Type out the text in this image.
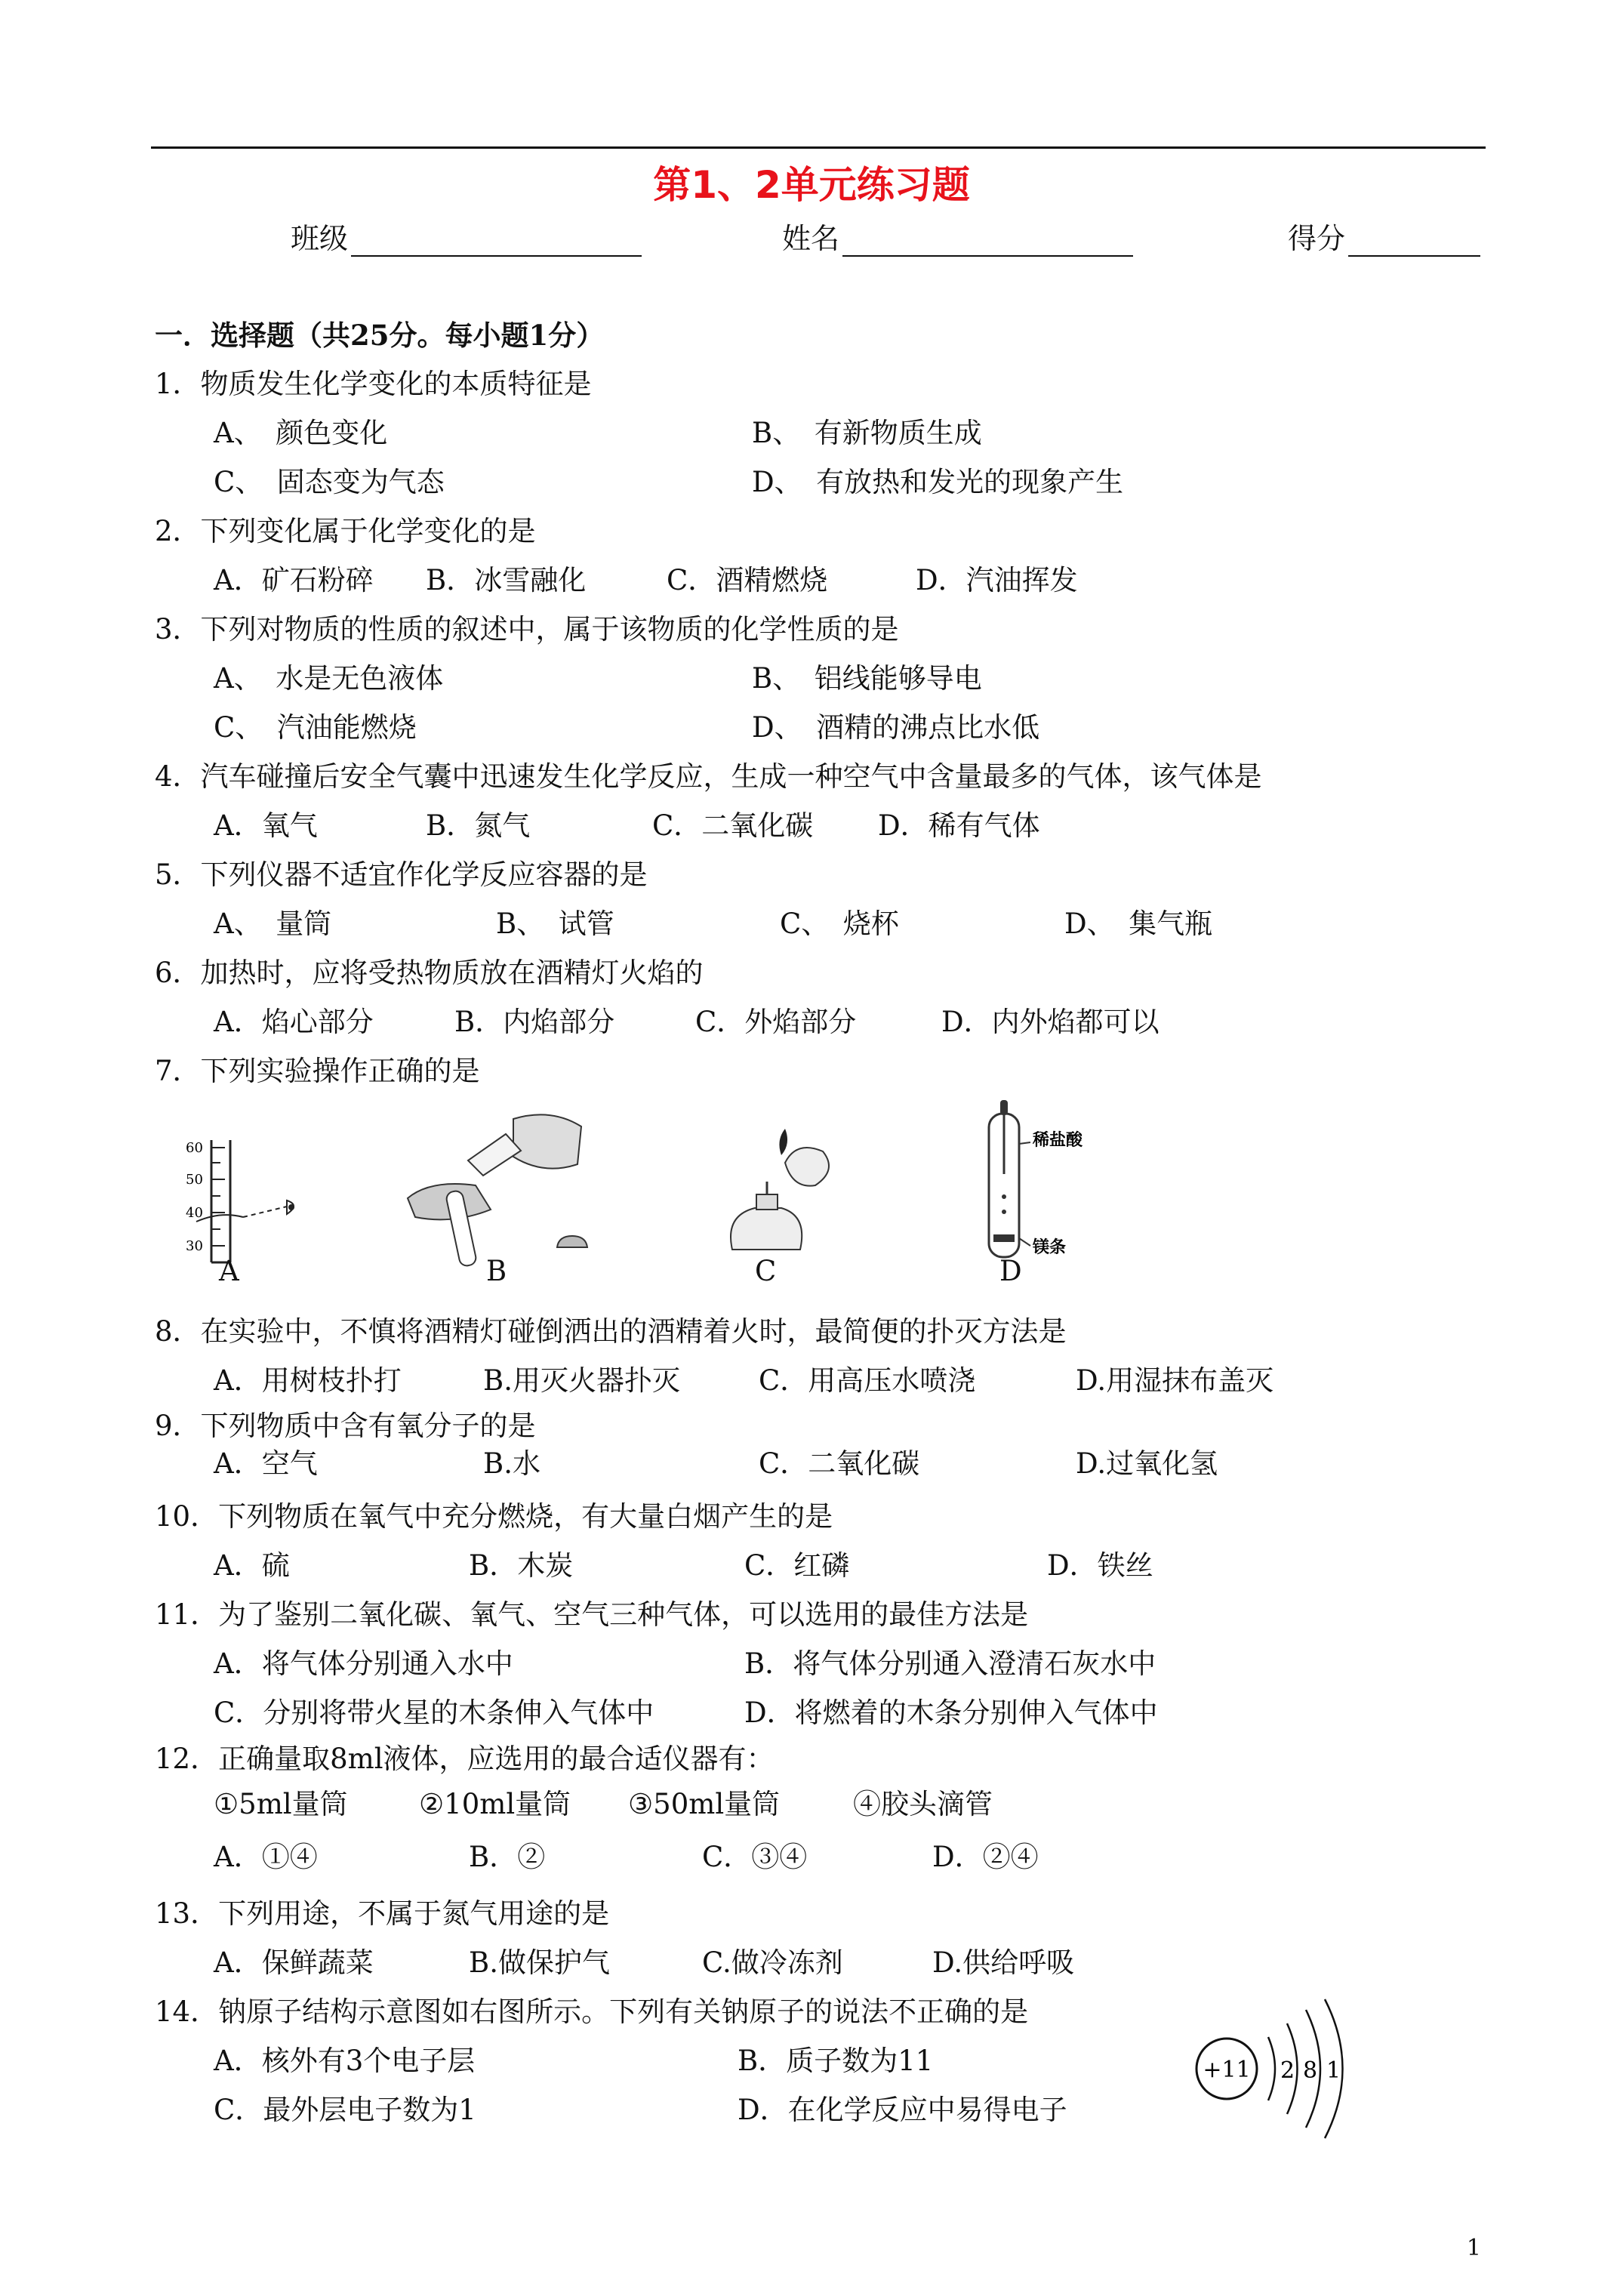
第1、2单元练习题
班级	姓名	得分
一．选择题（共25分。每小题1分）
1．物质发生化学变化的本质特征是
A、　颜色变化	B、　有新物质生成
C、　固态变为气态	D、　有放热和发光的现象产生
2．下列变化属于化学变化的是
A．矿石粉碎 B．冰雪融化	C．酒精燃烧	D．汽油挥发
3．下列对物质的性质的叙述中，属于该物质的化学性质的是
A、　水是无色液体	B、　铝线能够导电
C、　汽油能燃烧	D、　酒精的沸点比水低
4．汽车碰撞后安全气囊中迅速发生化学反应，生成一种空气中含量最多的气体，该气体是
A．氧气	B．氮气	C．二氧化碳 D．稀有气体
5．下列仪器不适宜作化学反应容器的是
A、　量筒	B、　试管	C、　烧杯	D、　集气瓶
6．加热时，应将受热物质放在酒精灯火焰的
A．焰心部分	B．内焰部分	C．外焰部分	D．内外焰都可以
7．下列实验操作正确的是
60
50
40
30
A	B	C
稀盐酸
镁条
D
8．在实验中，不慎将酒精灯碰倒洒出的酒精着火时，最简便的扑灭方法是
A．用树枝扑打	B.用灭火器扑灭	C．用高压水喷浇	D.用湿抹布盖灭
9．下列物质中含有氧分子的是
A．空气	B.水	C．二氧化碳	D.过氧化氢
10．下列物质在氧气中充分燃烧，有大量白烟产生的是
A．硫	B．木炭	C．红磷	D．铁丝
11．为了鉴别二氧化碳、氧气、空气三种气体，可以选用的最佳方法是
A．将气体分别通入水中	B．将气体分别通入澄清石灰水中
C．分别将带火星的木条伸入气体中	D．将燃着的木条分别伸入气体中
12．正确量取8ml液体，应选用的最合适仪器有：
①5ml量筒	②10ml量筒 ③50ml量筒	④胶头滴管
A．①④	B．②	C．③④	D．②④
13．下列用途，不属于氮气用途的是
A．保鲜蔬菜	B.做保护气	C.做冷冻剂	D.供给呼吸
14．钠原子结构示意图如右图所示。下列有关钠原子的说法不正确的是
A．核外有3个电子层	B．质子数为11
C．最外层电子数为1	D．在化学反应中易得电子
+11 2 8 1
1
